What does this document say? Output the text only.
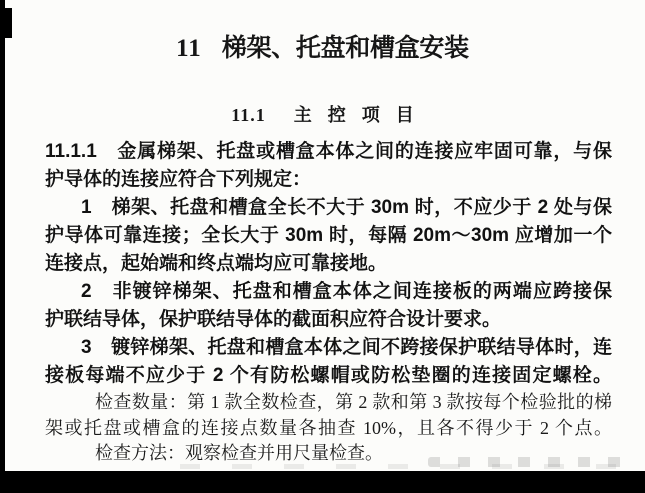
11 梯架、托盘和槽盒安装
11.1 主控项目
11.1.1　金属梯架、托盘或槽盒本体之间的连接应牢固可靠，与保
护导体的连接应符合下列规定：
1　梯架、托盘和槽盒全长不大于 30m 时，不应少于 2 处与保
护导体可靠连接；全长大于 30m 时，每隔 20m～30m 应增加一个
连接点，起始端和终点端均应可靠接地。
2　非镀锌梯架、托盘和槽盒本体之间连接板的两端应跨接保
护联结导体，保护联结导体的截面积应符合设计要求。
3　镀锌梯架、托盘和槽盒本体之间不跨接保护联结导体时，连
接板每端不应少于 2 个有防松螺帽或防松垫圈的连接固定螺栓。
检查数量：第 1 款全数检查，第 2 款和第 3 款按每个检验批的梯
架或托盘或槽盒的连接点数量各抽查 10%，且各不得少于 2 个点。
检查方法：观察检查并用尺量检查。
